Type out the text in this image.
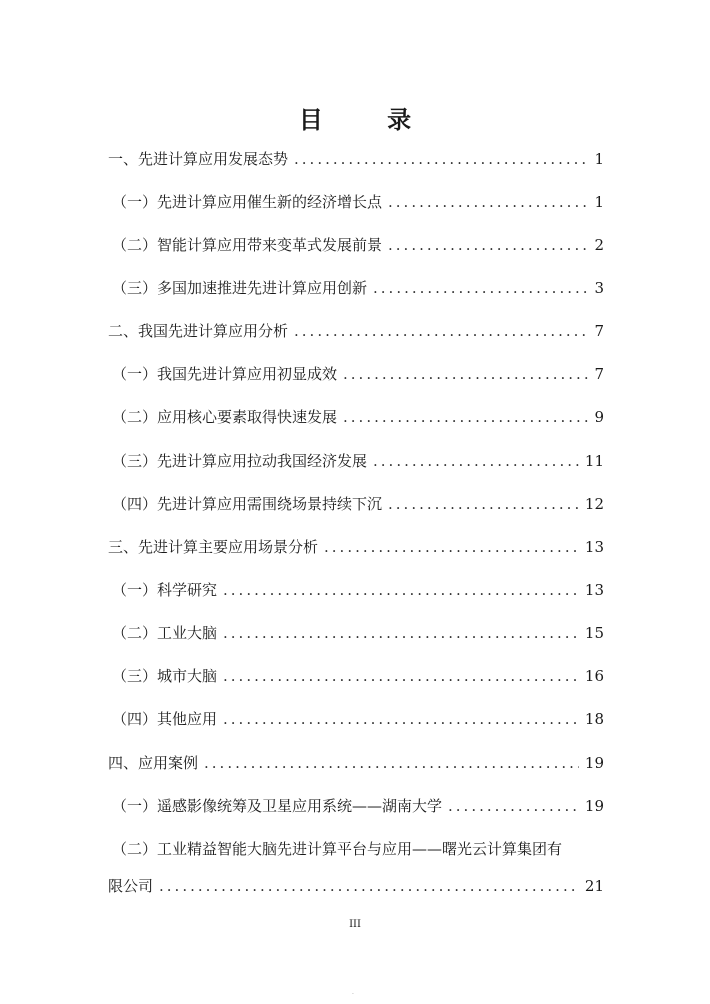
目 录
一、先进计算应用发展态势 .....	1
（一）先进计算应用催生新的经济增长点 .....	1
（二）智能计算应用带来变革式发展前景 .....	2
（三）多国加速推进先进计算应用创新 .....	3
二、我国先进计算应用分析 .....	7
（一）我国先进计算应用初显成效 .....	7
（二）应用核心要素取得快速发展 .....	9
（三）先进计算应用拉动我国经济发展 .....	11
（四）先进计算应用需围绕场景持续下沉 .....	12
三、先进计算主要应用场景分析 .....	13
（一）科学研究 .....	13
（二）工业大脑 .....	15
（三）城市大脑 .....	16
（四）其他应用 .....	18
四、应用案例 .....	19
（一）遥感影像统筹及卫星应用系统——湖南大学 .....	19
（二）工业精益智能大脑先进计算平台与应用——曙光云计算集团有
限公司 .....	21
III
·
